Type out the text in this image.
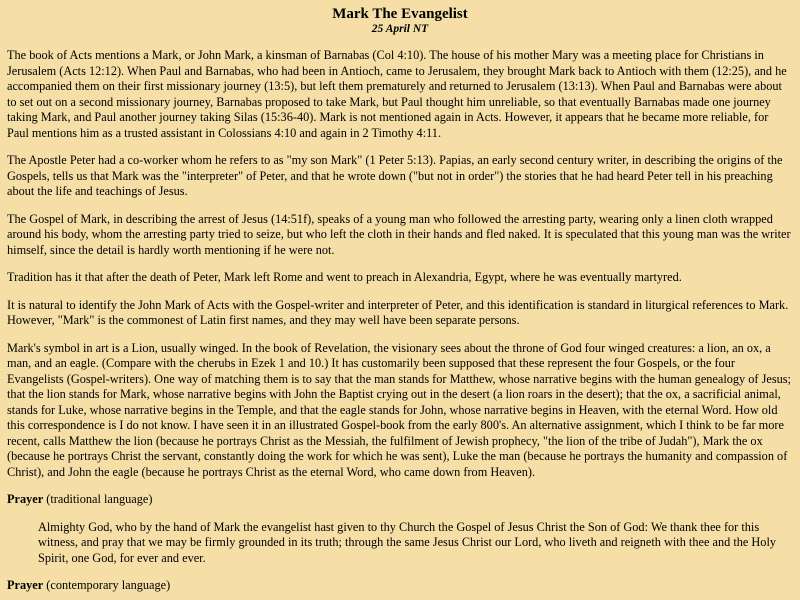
Mark The Evangelist
25 April NT

The book of Acts mentions a Mark, or John Mark, a kinsman of Barnabas (Col 4:10). The house of his mother Mary was a meeting place for Christians in Jerusalem (Acts 12:12). When Paul and Barnabas, who had been in Antioch, came to Jerusalem, they brought Mark back to Antioch with them (12:25), and he accompanied them on their first missionary journey (13:5), but left them prematurely and returned to Jerusalem (13:13). When Paul and Barnabas were about to set out on a second missionary journey, Barnabas proposed to take Mark, but Paul thought him unreliable, so that eventually Barnabas made one journey taking Mark, and Paul another journey taking Silas (15:36-40). Mark is not mentioned again in Acts. However, it appears that he became more reliable, for Paul mentions him as a trusted assistant in Colossians 4:10 and again in 2 Timothy 4:11.

The Apostle Peter had a co-worker whom he refers to as "my son Mark" (1 Peter 5:13). Papias, an early second century writer, in describing the origins of the Gospels, tells us that Mark was the "interpreter" of Peter, and that he wrote down ("but not in order") the stories that he had heard Peter tell in his preaching about the life and teachings of Jesus.

The Gospel of Mark, in describing the arrest of Jesus (14:51f), speaks of a young man who followed the arresting party, wearing only a linen cloth wrapped around his body, whom the arresting party tried to seize, but who left the cloth in their hands and fled naked. It is speculated that this young man was the writer himself, since the detail is hardly worth mentioning if he were not.

Tradition has it that after the death of Peter, Mark left Rome and went to preach in Alexandria, Egypt, where he was eventually martyred.

It is natural to identify the John Mark of Acts with the Gospel-writer and interpreter of Peter, and this identification is standard in liturgical references to Mark. However, "Mark" is the commonest of Latin first names, and they may well have been separate persons.

Mark's symbol in art is a Lion, usually winged. In the book of Revelation, the visionary sees about the throne of God four winged creatures: a lion, an ox, a man, and an eagle. (Compare with the cherubs in Ezek 1 and 10.) It has customarily been supposed that these represent the four Gospels, or the four Evangelists (Gospel-writers). One way of matching them is to say that the man stands for Matthew, whose narrative begins with the human genealogy of Jesus; that the lion stands for Mark, whose narrative begins with John the Baptist crying out in the desert (a lion roars in the desert); that the ox, a sacrificial animal, stands for Luke, whose narrative begins in the Temple, and that the eagle stands for John, whose narrative begins in Heaven, with the eternal Word. How old this correspondence is I do not know. I have seen it in an illustrated Gospel-book from the early 800's. An alternative assignment, which I think to be far more recent, calls Matthew the lion (because he portrays Christ as the Messiah, the fulfilment of Jewish prophecy, "the lion of the tribe of Judah"), Mark the ox (because he portrays Christ the servant, constantly doing the work for which he was sent), Luke the man (because he portrays the humanity and compassion of Christ), and John the eagle (because he portrays Christ as the eternal Word, who came down from Heaven).

Prayer (traditional language)
Almighty God, who by the hand of Mark the evangelist hast given to thy Church the Gospel of Jesus Christ the Son of God: We thank thee for this witness, and pray that we may be firmly grounded in its truth; through the same Jesus Christ our Lord, who liveth and reigneth with thee and the Holy Spirit, one God, for ever and ever.
Prayer (contemporary language)
